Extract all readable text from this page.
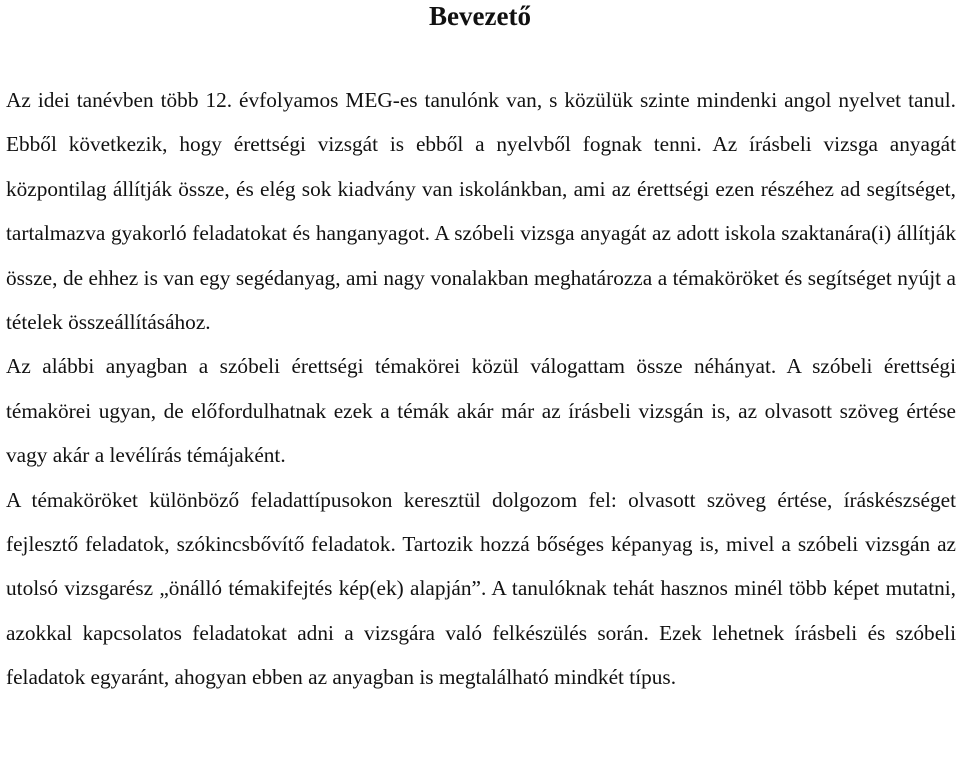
Bevezető

Az idei tanévben több 12. évfolyamos MEG-es tanulónk van, s közülük szinte mindenki angol nyelvet tanul. Ebből következik, hogy érettségi vizsgát is ebből a nyelvből fognak tenni. Az írásbeli vizsga anyagát központilag állítják össze, és elég sok kiadvány van iskolánkban, ami az érettségi ezen részéhez ad segítséget, tartalmazva gyakorló feladatokat és hanganyagot. A szóbeli vizsga anyagát az adott iskola szaktanára(i) állítják össze, de ehhez is van egy segédanyag, ami nagy vonalakban meghatározza a témaköröket és segítséget nyújt a tételek összeállításához.

Az alábbi anyagban a szóbeli érettségi témakörei közül válogattam össze néhányat. A szóbeli érettségi témakörei ugyan, de előfordulhatnak ezek a témák akár már az írásbeli vizsgán is, az olvasott szöveg értése vagy akár a levélírás témájaként.

A témaköröket különböző feladattípusokon keresztül dolgozom fel: olvasott szöveg értése, íráskészséget fejlesztő feladatok, szókincsbővítő feladatok. Tartozik hozzá bőséges képanyag is, mivel a szóbeli vizsgán az utolsó vizsgarész „önálló témakifejtés kép(ek) alapján”. A tanulóknak tehát hasznos minél több képet mutatni, azokkal kapcsolatos feladatokat adni a vizsgára való felkészülés során. Ezek lehetnek írásbeli és szóbeli feladatok egyaránt, ahogyan ebben az anyagban is megtalálható mindkét típus.
